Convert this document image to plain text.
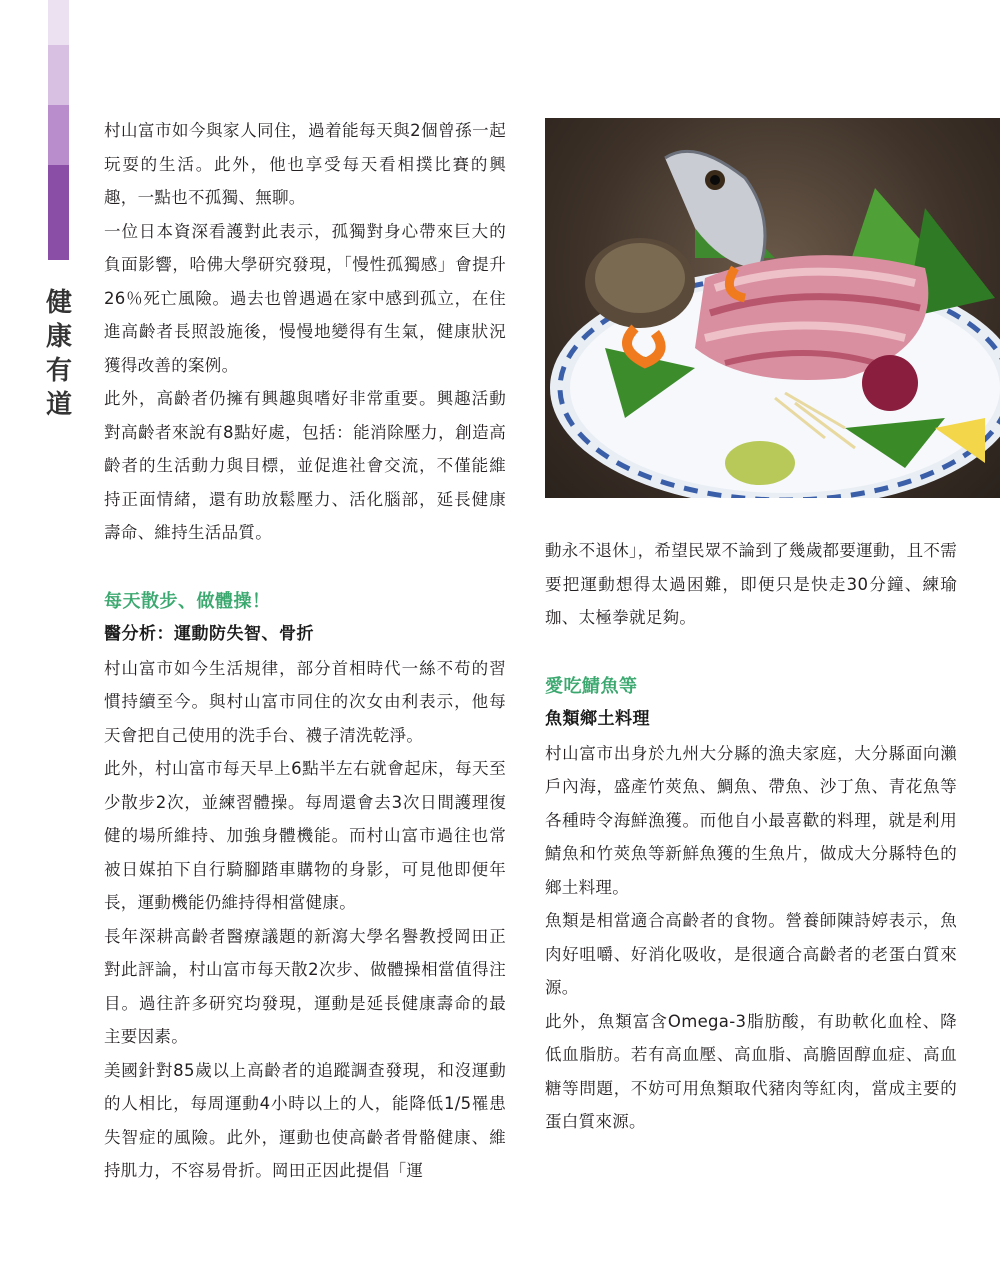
16
健
康
有
道

村山富市如今與家人同住，過着能每天與2個曾孫一起玩耍的生活。此外，他也享受每天看相撲比賽的興趣，一點也不孤獨、無聊。

一位日本資深看護對此表示，孤獨對身心帶來巨大的負面影響，哈佛大學研究發現，「慢性孤獨感」會提升26％死亡風險。過去也曾遇過在家中感到孤立，在住進高齡者長照設施後，慢慢地變得有生氣，健康狀況獲得改善的案例。

此外，高齡者仍擁有興趣與嗜好非常重要。興趣活動對高齡者來說有8點好處，包括：能消除壓力，創造高齡者的生活動力與目標，並促進社會交流，不僅能維持正面情緒，還有助放鬆壓力、活化腦部，延長健康壽命、維持生活品質。

每天散步、做體操！
醫分析：運動防失智、骨折

村山富市如今生活規律，部分首相時代一絲不苟的習慣持續至今。與村山富市同住的次女由利表示，他每天會把自己使用的洗手台、襪子清洗乾淨。

此外，村山富市每天早上6點半左右就會起床，每天至少散步2次，並練習體操。每周還會去3次日間護理復健的場所維持、加強身體機能。而村山富市過往也常被日媒拍下自行騎腳踏車購物的身影，可見他即便年長，運動機能仍維持得相當健康。

長年深耕高齡者醫療議題的新瀉大學名譽教授岡田正對此評論，村山富市每天散2次步、做體操相當值得注目。過往許多研究均發現，運動是延長健康壽命的最主要因素。

美國針對85歲以上高齡者的追蹤調查發現，和沒運動的人相比，每周運動4小時以上的人，能降低1/5罹患失智症的風險。此外，運動也使高齡者骨骼健康、維持肌力，不容易骨折。岡田正因此提倡「運

動永不退休」，希望民眾不論到了幾歲都要運動，且不需要把運動想得太過困難，即便只是快走30分鐘、練瑜珈、太極拳就足夠。

愛吃鯖魚等
魚類鄉土料理

村山富市出身於九州大分縣的漁夫家庭，大分縣面向瀨戶內海，盛產竹莢魚、鯛魚、帶魚、沙丁魚、青花魚等各種時令海鮮漁獲。而他自小最喜歡的料理，就是利用鯖魚和竹莢魚等新鮮魚獲的生魚片，做成大分縣特色的鄉土料理。

魚類是相當適合高齡者的食物。營養師陳詩婷表示，魚肉好咀嚼、好消化吸收，是很適合高齡者的老蛋白質來源。

此外，魚類富含Omega-3脂肪酸，有助軟化血栓、降低血脂肪。若有高血壓、高血脂、高膽固醇血症、高血糖等問題，不妨可用魚類取代豬肉等紅肉，當成主要的蛋白質來源。
